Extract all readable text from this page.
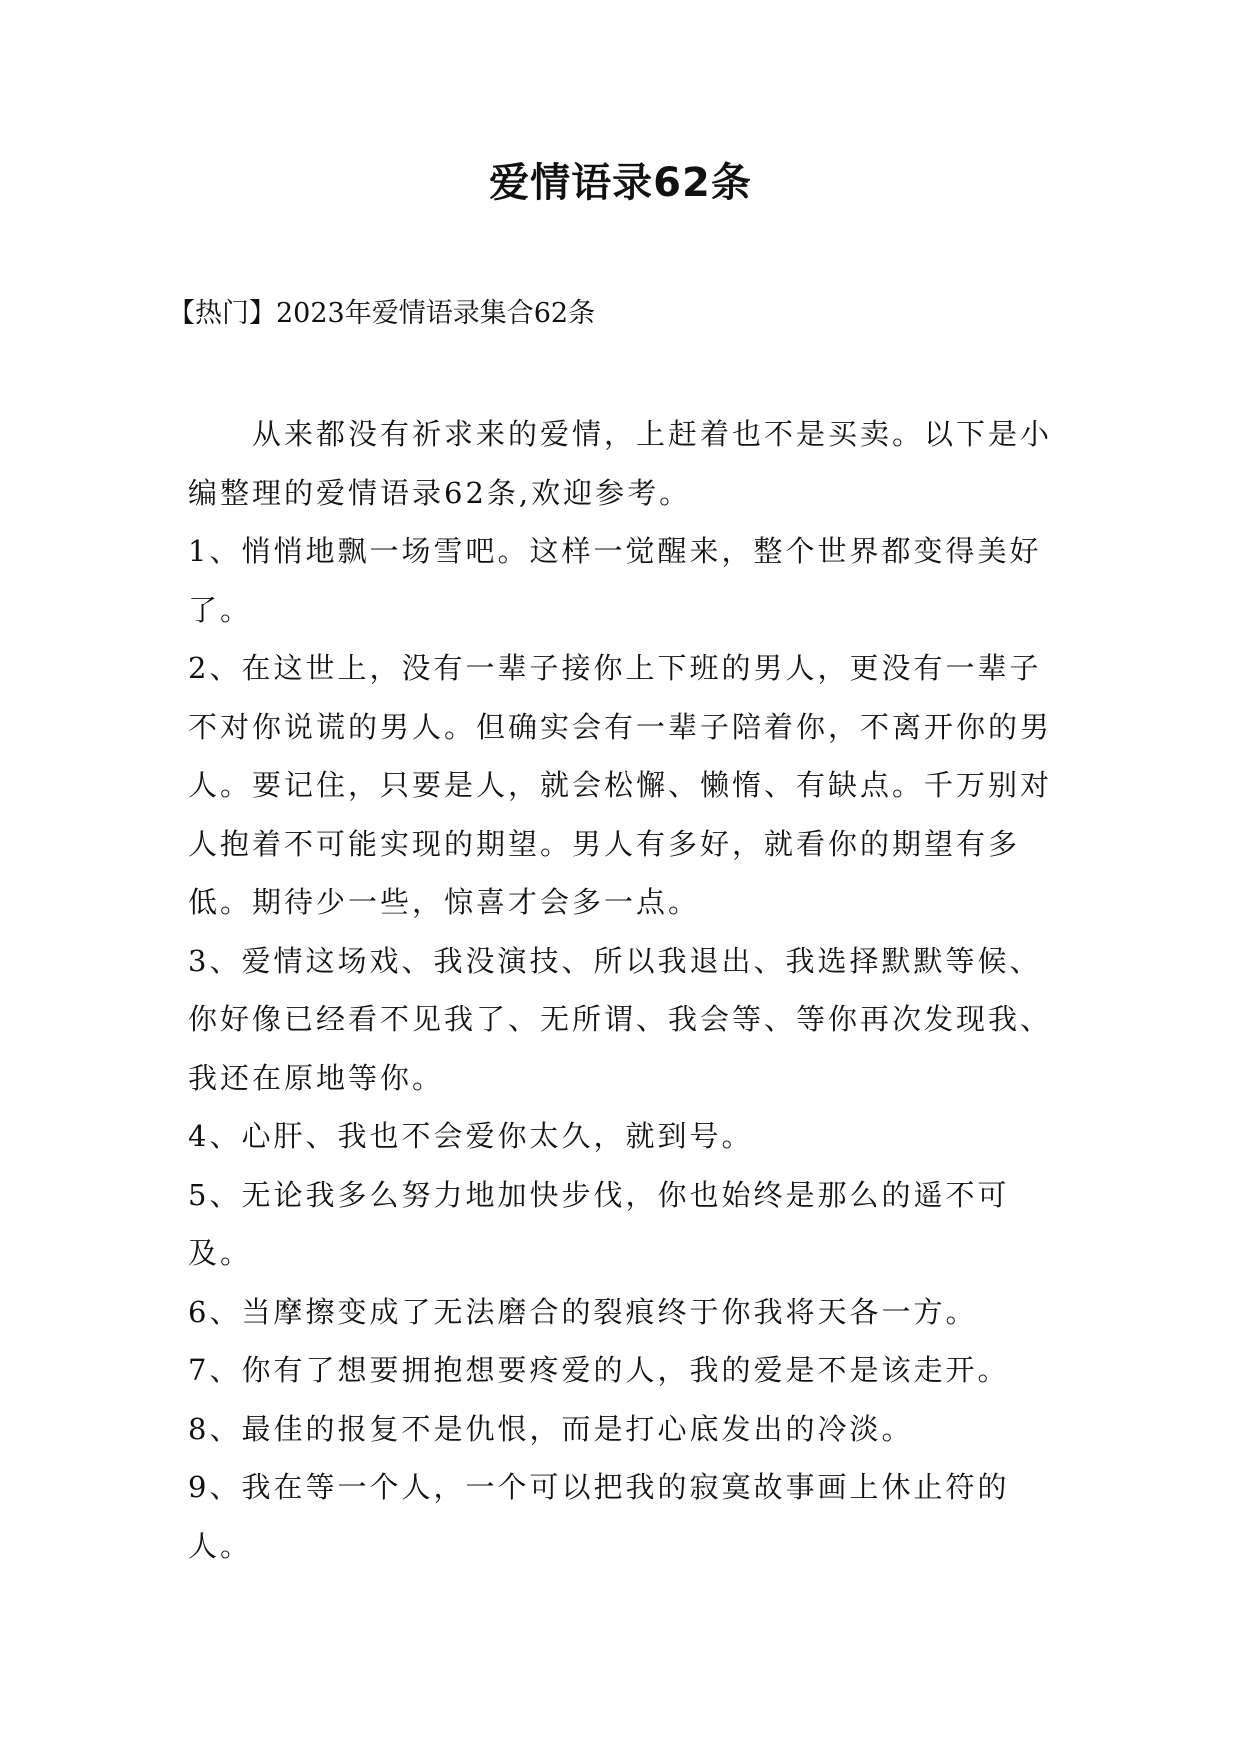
爱情语录62条

【热门】2023年爱情语录集合62条

从来都没有祈求来的爱情，上赶着也不是买卖。以下是小编整理的爱情语录62条,欢迎参考。

1、悄悄地飘一场雪吧。这样一觉醒来，整个世界都变得美好了。

2、在这世上，没有一辈子接你上下班的男人，更没有一辈子不对你说谎的男人。但确实会有一辈子陪着你，不离开你的男人。要记住，只要是人，就会松懈、懒惰、有缺点。千万别对人抱着不可能实现的期望。男人有多好，就看你的期望有多低。期待少一些，惊喜才会多一点。

3、爱情这场戏、我没演技、所以我退出、我选择默默等候、你好像已经看不见我了、无所谓、我会等、等你再次发现我、我还在原地等你。

4、心肝、我也不会爱你太久，就到号。

5、无论我多么努力地加快步伐，你也始终是那么的遥不可及。

6、当摩擦变成了无法磨合的裂痕终于你我将天各一方。

7、你有了想要拥抱想要疼爱的人，我的爱是不是该走开。

8、最佳的报复不是仇恨，而是打心底发出的冷淡。

9、我在等一个人，一个可以把我的寂寞故事画上休止符的人。
